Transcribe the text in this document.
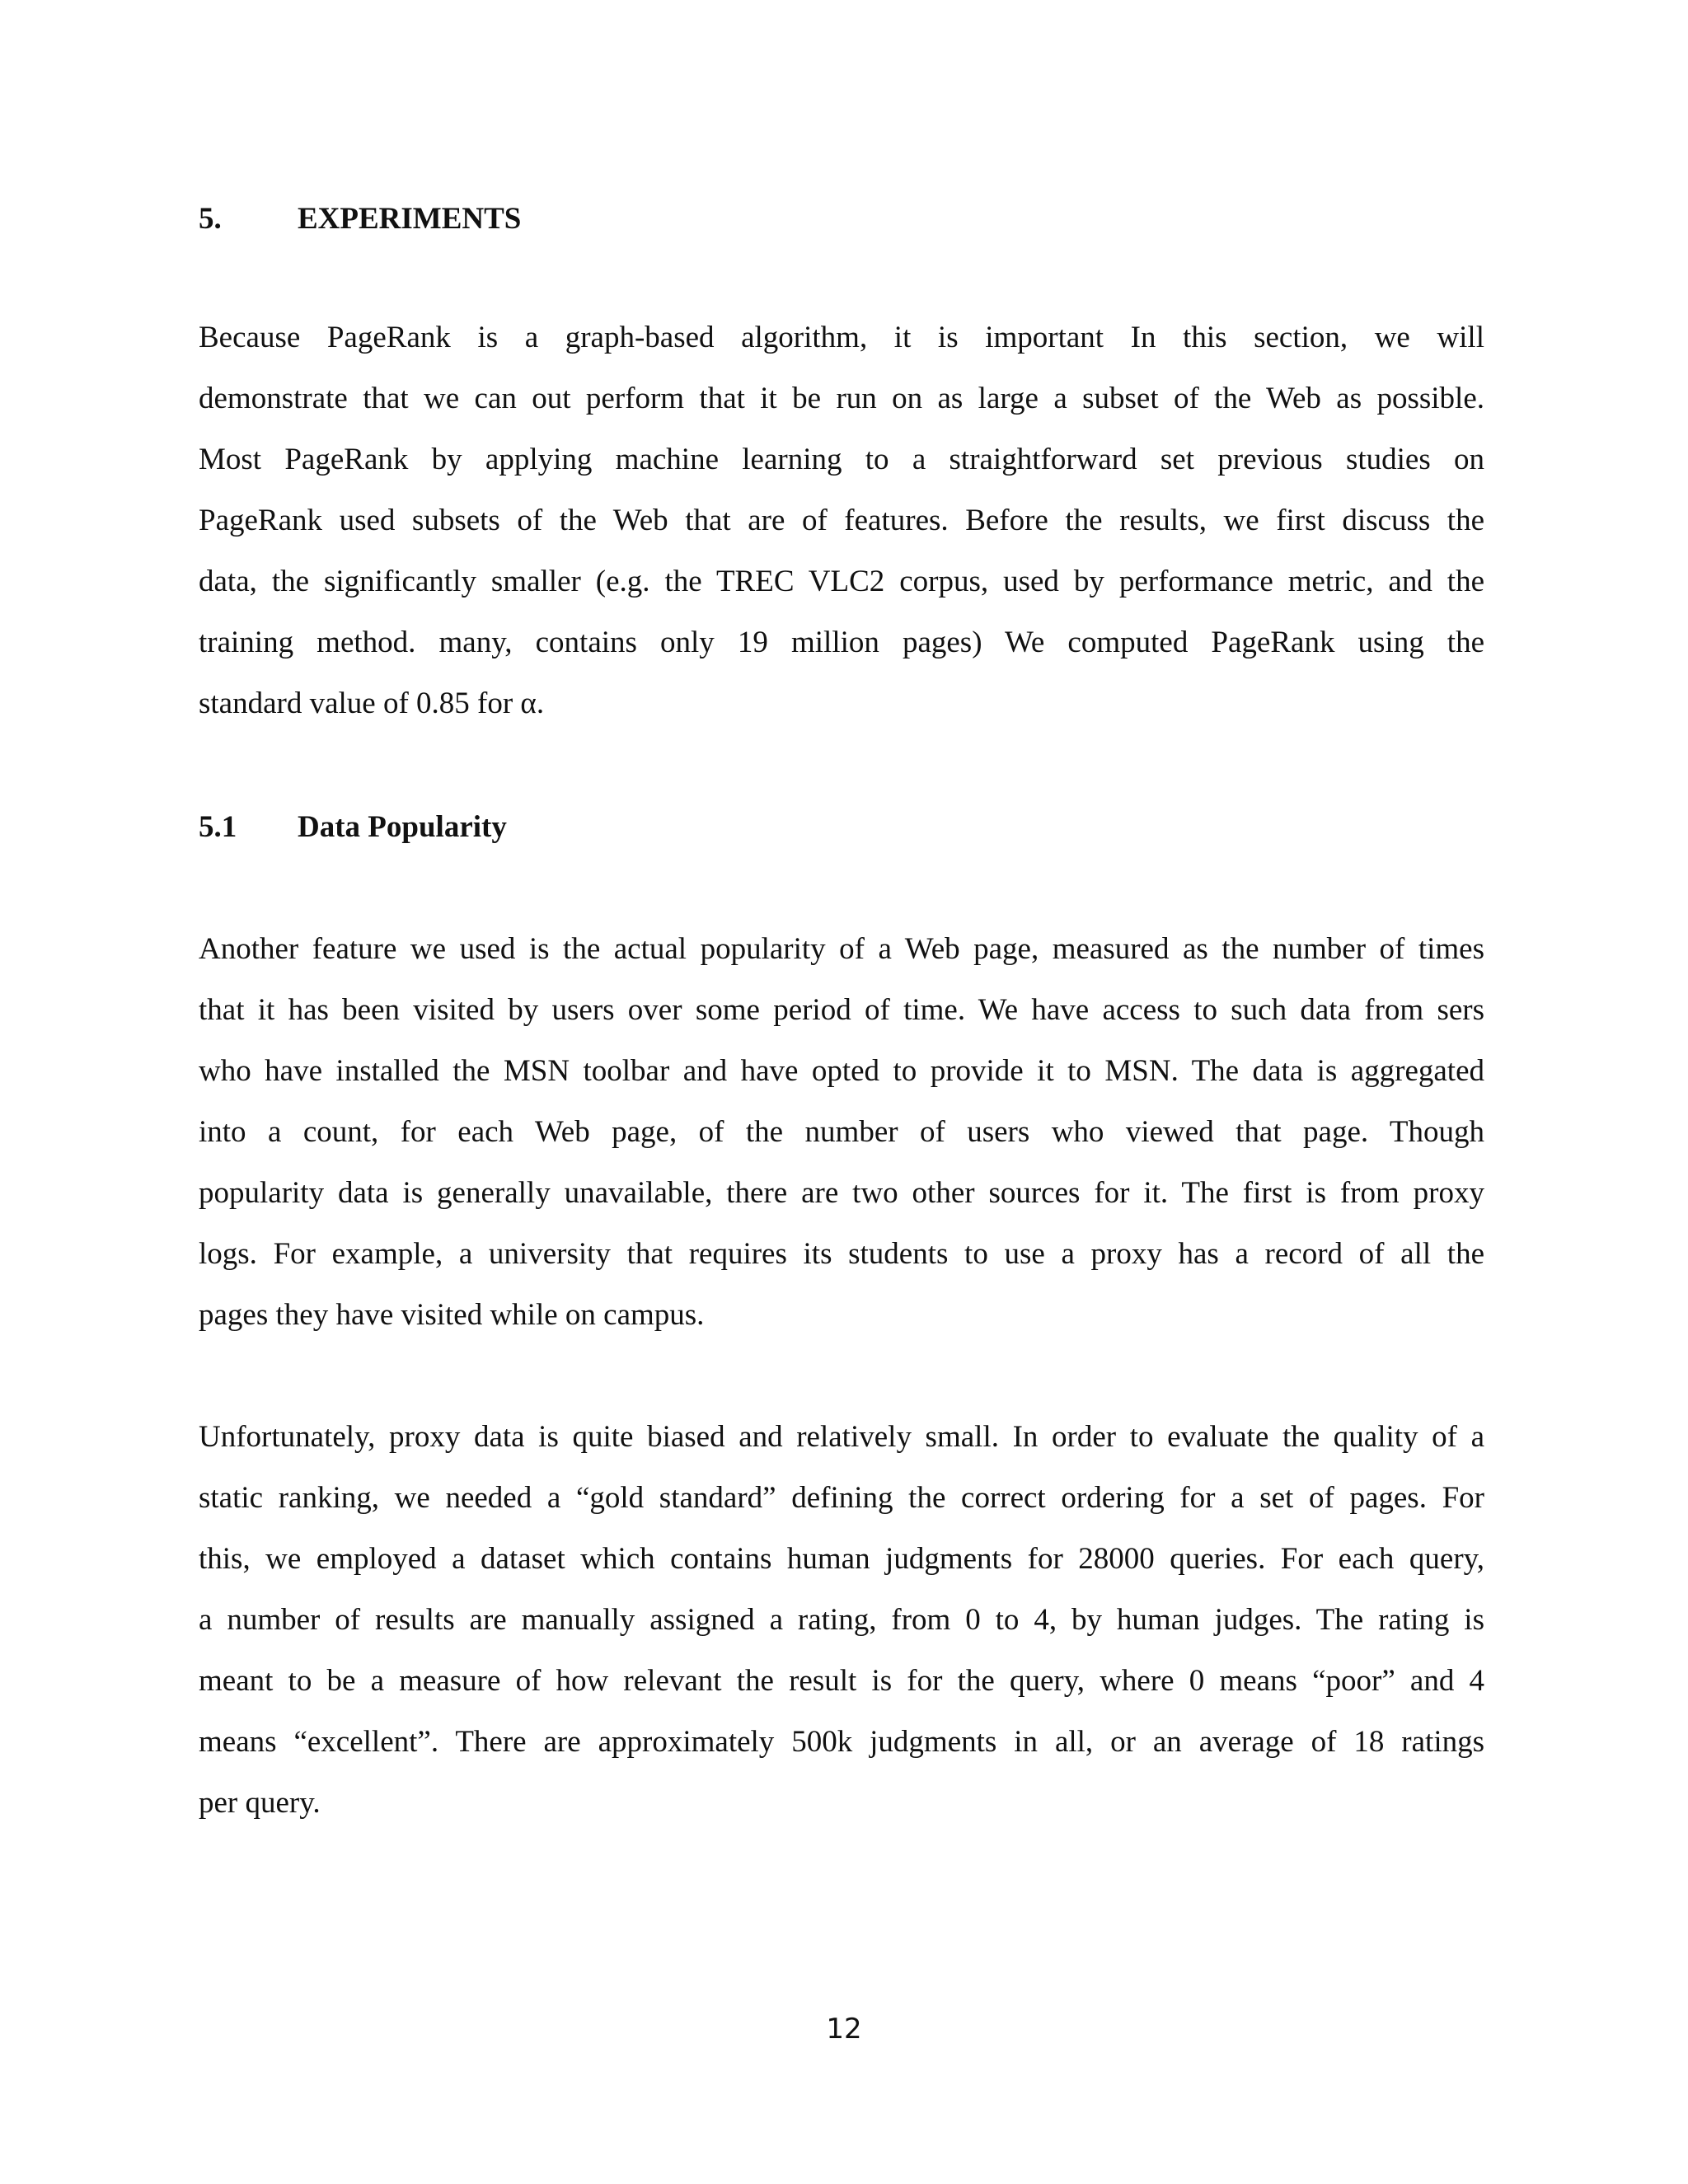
5. EXPERIMENTS
Because PageRank is a graph-based algorithm, it is important In this section, we will
demonstrate that we can out perform that it be run on as large a subset of the Web as possible.
Most PageRank by applying machine learning to a straightforward set previous studies on
PageRank used subsets of the Web that are of features. Before the results, we first discuss the
data, the significantly smaller (e.g. the TREC VLC2 corpus, used by performance metric, and the
training method. many, contains only 19 million pages) We computed PageRank using the
standard value of 0.85 for α.
5.1 Data Popularity
Another feature we used is the actual popularity of a Web page, measured as the number of times
that it has been visited by users over some period of time. We have access to such data from sers
who have installed the MSN toolbar and have opted to provide it to MSN. The data is aggregated
into a count, for each Web page, of the number of users who viewed that page. Though
popularity data is generally unavailable, there are two other sources for it. The first is from proxy
logs. For example, a university that requires its students to use a proxy has a record of all the
pages they have visited while on campus.
Unfortunately, proxy data is quite biased and relatively small. In order to evaluate the quality of a
static ranking, we needed a “gold standard” defining the correct ordering for a set of pages. For
this, we employed a dataset which contains human judgments for 28000 queries. For each query,
a number of results are manually assigned a rating, from 0 to 4, by human judges. The rating is
meant to be a measure of how relevant the result is for the query, where 0 means “poor” and 4
means “excellent”. There are approximately 500k judgments in all, or an average of 18 ratings
per query.

12
